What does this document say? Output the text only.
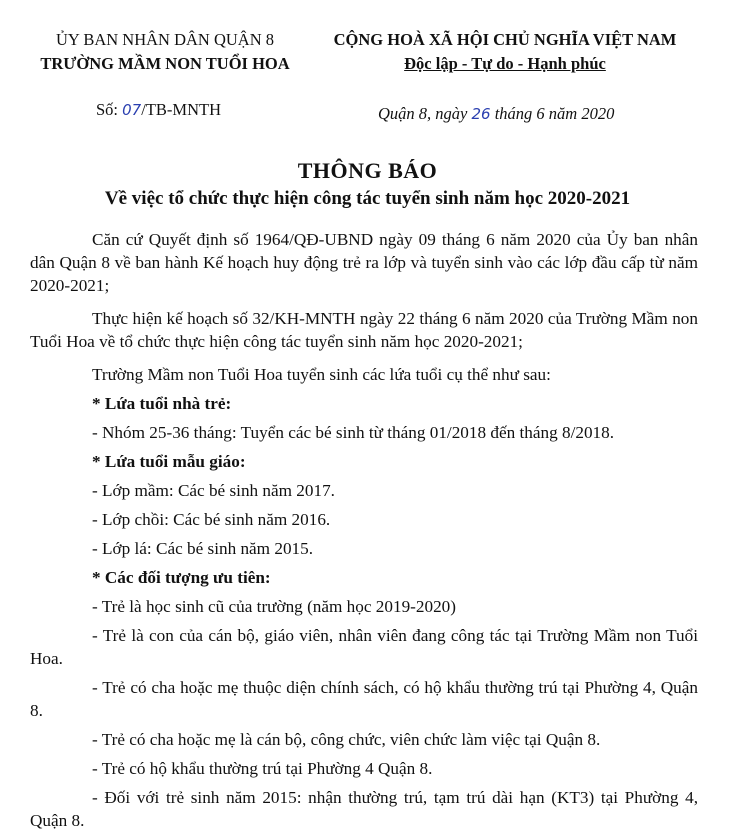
ỦY BAN NHÂN DÂN QUẬN 8
TRƯỜNG MẦM NON TUỔI HOA
CỘNG HOÀ XÃ HỘI CHỦ NGHĨA VIỆT NAM
Độc lập - Tự do - Hạnh phúc
Số: 07/TB-MNTH	Quận 8, ngày 26 tháng 6 năm 2020
THÔNG BÁO
Về việc tổ chức thực hiện công tác tuyển sinh năm học 2020-2021

Căn cứ Quyết định số 1964/QĐ-UBND ngày 09 tháng 6 năm 2020 của Ủy ban nhân dân Quận 8 về ban hành Kế hoạch huy động trẻ ra lớp và tuyển sinh vào các lớp đầu cấp từ năm 2020-2021;

Thực hiện kế hoạch số 32/KH-MNTH ngày 22 tháng 6 năm 2020 của Trường Mầm non Tuổi Hoa về tổ chức thực hiện công tác tuyển sinh năm học 2020-2021;

Trường Mầm non Tuổi Hoa tuyển sinh các lứa tuổi cụ thể như sau:

* Lứa tuổi nhà trẻ:

- Nhóm 25-36 tháng: Tuyển các bé sinh từ tháng 01/2018 đến tháng 8/2018.

* Lứa tuổi mẫu giáo:

- Lớp mầm: Các bé sinh năm 2017.

- Lớp chồi: Các bé sinh năm 2016.

- Lớp lá: Các bé sinh năm 2015.

* Các đối tượng ưu tiên:

- Trẻ là học sinh cũ của trường (năm học 2019-2020)

- Trẻ là con của cán bộ, giáo viên, nhân viên đang công tác tại Trường Mầm non Tuổi Hoa.

- Trẻ có cha hoặc mẹ thuộc diện chính sách, có hộ khẩu thường trú tại Phường 4, Quận 8.

- Trẻ có cha hoặc mẹ là cán bộ, công chức, viên chức làm việc tại Quận 8.

- Trẻ có hộ khẩu thường trú tại Phường 4 Quận 8.

- Đối với trẻ sinh năm 2015: nhận thường trú, tạm trú dài hạn (KT3) tại Phường 4, Quận 8.
